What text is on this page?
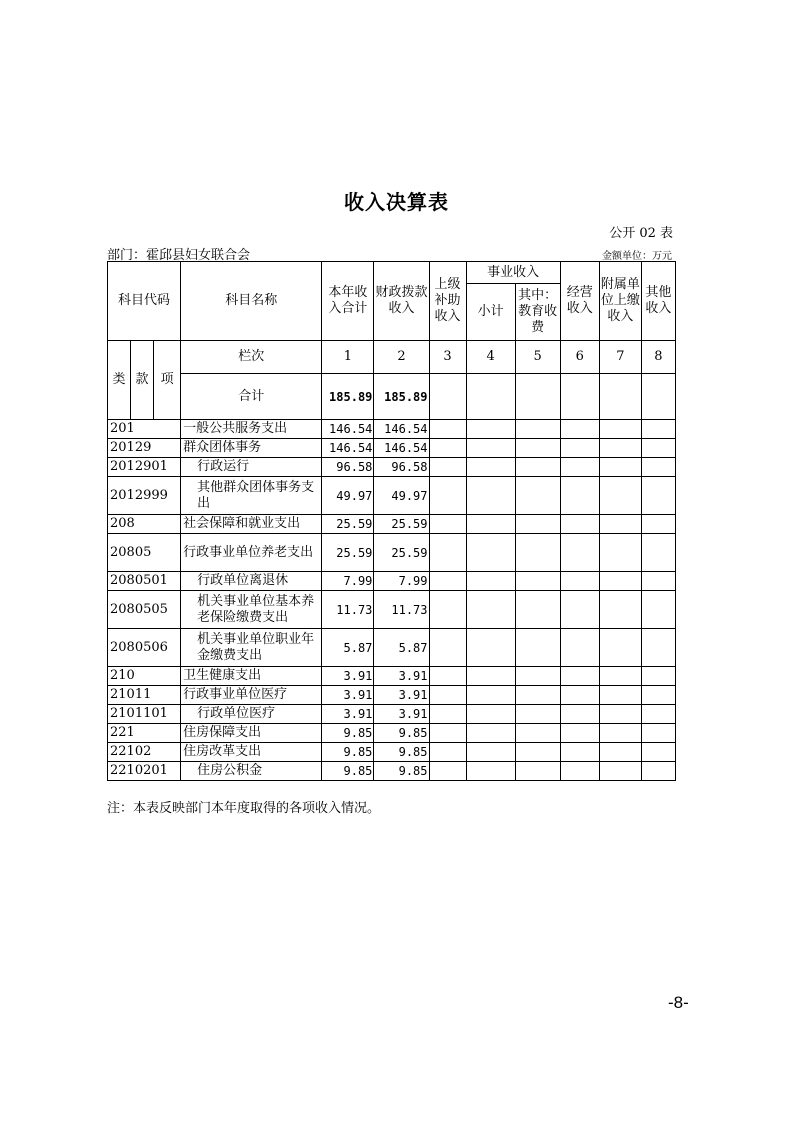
收入决算表
公开 02 表
部门：霍邱县妇女联合会	金额单位：万元
科目代码			科目名称	本年收入合计	财政拨款收入	上级补助收入	事业收入		经营收入	附属单位上缴收入	其他收入
							小计	其中：教育收费			

类	款	项	栏次	1	2	3	4	5	6	7	8
			合计	185.89	185.89						
201			一般公共服务支出	146.54	146.54						
20129			群众团体事务	146.54	146.54						
2012901			行政运行	96.58	96.58						
2012999			其他群众团体事务支出	49.97	49.97						
208			社会保障和就业支出	25.59	25.59						
20805			行政事业单位养老支出	25.59	25.59						
2080501			行政单位离退休	7.99	7.99						
2080505			机关事业单位基本养老保险缴费支出	11.73	11.73						
2080506			机关事业单位职业年金缴费支出	5.87	5.87						
210			卫生健康支出	3.91	3.91						
21011			行政事业单位医疗	3.91	3.91						
2101101			行政单位医疗	3.91	3.91						
221			住房保障支出	9.85	9.85						
22102			住房改革支出	9.85	9.85						
2210201			住房公积金	9.85	9.85						
注：本表反映部门本年度取得的各项收入情况。
-8-
